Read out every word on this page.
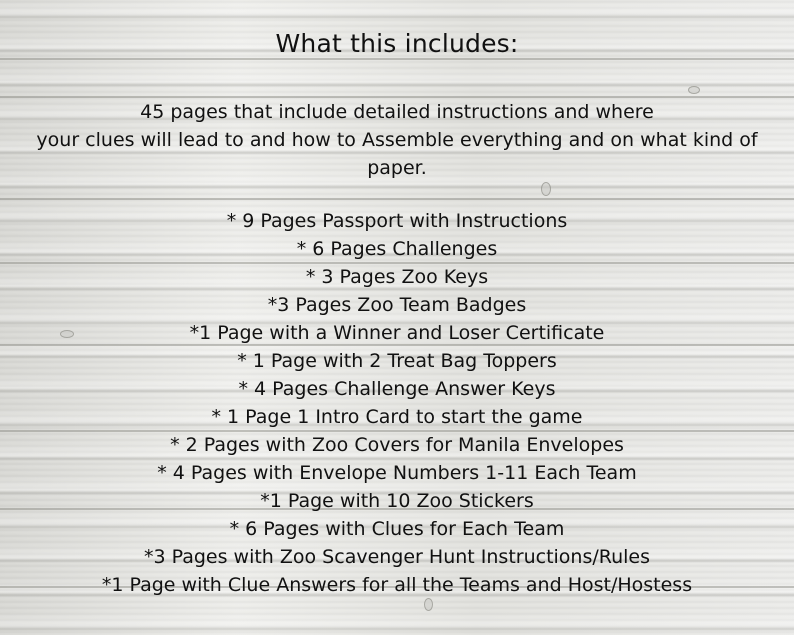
What this includes:

45 pages that include detailed instructions and where
your clues will lead to and how to Assemble everything and on what kind of
paper.

* 9 Pages Passport with Instructions
* 6 Pages Challenges
* 3 Pages Zoo Keys
*3 Pages Zoo Team Badges
*1 Page with a Winner and Loser Certificate
* 1 Page with 2 Treat Bag Toppers
* 4 Pages Challenge Answer Keys
* 1 Page 1 Intro Card to start the game
* 2 Pages with Zoo Covers for Manila Envelopes
* 4 Pages with Envelope Numbers 1-11 Each Team
*1 Page with 10 Zoo Stickers
* 6 Pages with Clues for Each Team
*3 Pages with Zoo Scavenger Hunt Instructions/Rules
*1 Page with Clue Answers for all the Teams and Host/Hostess
